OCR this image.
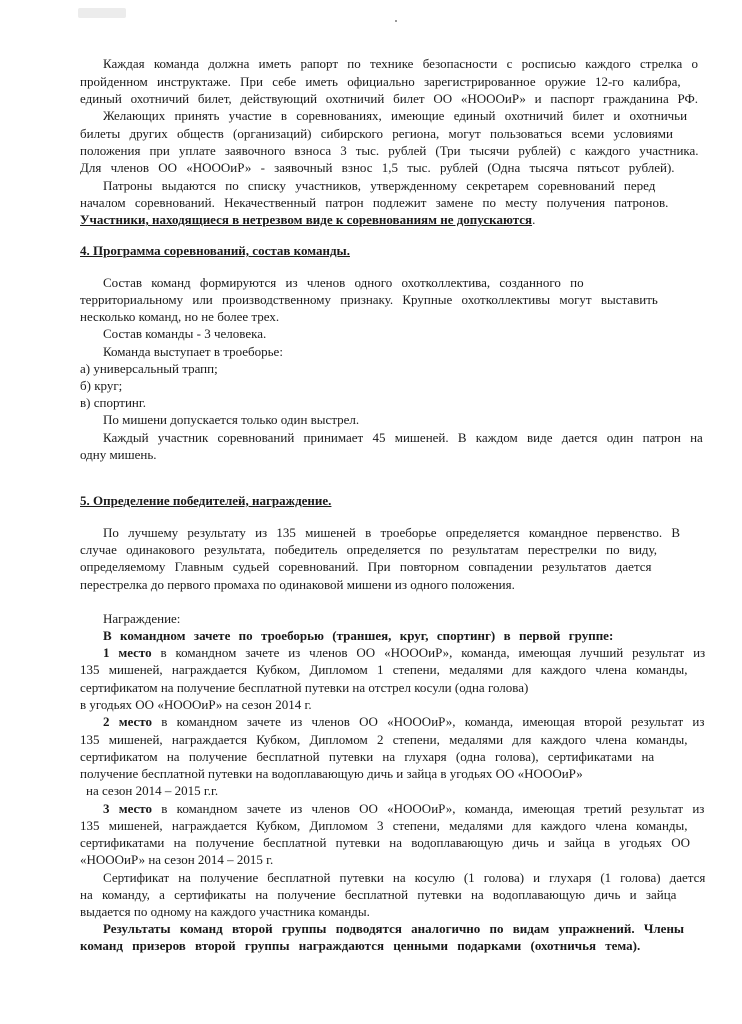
Каждая команда должна иметь рапорт по технике безопасности с росписью каждого стрелка о
пройденном инструктаже. При себе иметь официально зарегистрированное оружие 12-го калибра,
единый охотничий билет, действующий охотничий билет ОО «НОООиР» и паспорт гражданина РФ.
Желающих принять участие в соревнованиях, имеющие единый охотничий билет и охотничьи
билеты других обществ (организаций) сибирского региона, могут пользоваться всеми условиями
положения при уплате заявочного взноса 3 тыс. рублей (Три тысячи рублей) с каждого участника.
Для членов ОО «НОООиР» - заявочный взнос 1,5 тыс. рублей (Одна тысяча пятьсот рублей).
Патроны выдаются по списку участников, утвержденному секретарем соревнований перед
началом соревнований. Некачественный патрон подлежит замене по месту получения патронов.
Участники, находящиеся в нетрезвом виде к соревнованиям не допускаются.
4. Программа соревнований, состав команды.
Состав команд формируются из членов одного охотколлектива, созданного по
территориальному или производственному признаку. Крупные охотколлективы могут выставить
несколько команд, но не более трех.
Состав команды - 3 человека.
Команда выступает в троеборье:
а) универсальный трапп;
б) круг;
в) спортинг.
По мишени допускается только один выстрел.
Каждый участник соревнований принимает 45 мишеней. В каждом виде дается один патрон на
одну мишень.
5. Определение победителей, награждение.
По лучшему результату из 135 мишеней в троеборье определяется командное первенство. В
случае одинакового результата, победитель определяется по результатам перестрелки по виду,
определяемому Главным судьей соревнований. При повторном совпадении результатов дается
перестрелка до первого промаха по одинаковой мишени из одного положения.
Награждение:
В командном зачете по троеборью (траншея, круг, спортинг) в первой группе:
1 место в командном зачете из членов ОО «НОООиР», команда, имеющая лучший результат из
135 мишеней, награждается Кубком, Дипломом 1 степени, медалями для каждого члена команды,
сертификатом на получение бесплатной путевки на отстрел косули (одна голова)
в угодьях ОО «НОООиР» на сезон 2014 г.
2 место в командном зачете из членов ОО «НОООиР», команда, имеющая второй результат из
135 мишеней, награждается Кубком, Дипломом 2 степени, медалями для каждого члена команды,
сертификатом на получение бесплатной путевки на глухаря (одна голова), сертификатами на
получение бесплатной путевки на водоплавающую дичь и зайца в угодьях ОО «НОООиР»
на сезон 2014 – 2015 г.г.
3 место в командном зачете из членов ОО «НОООиР», команда, имеющая третий результат из
135 мишеней, награждается Кубком, Дипломом 3 степени, медалями для каждого члена команды,
сертификатами на получение бесплатной путевки на водоплавающую дичь и зайца в угодьях ОО
«НОООиР» на сезон 2014 – 2015 г.
Сертификат на получение бесплатной путевки на косулю (1 голова) и глухаря (1 голова) дается
на команду, а сертификаты на получение бесплатной путевки на водоплавающую дичь и зайца
выдается по одному на каждого участника команды.
Результаты команд второй группы подводятся аналогично по видам упражнений. Члены
команд призеров второй группы награждаются ценными подарками (охотничья тема).
